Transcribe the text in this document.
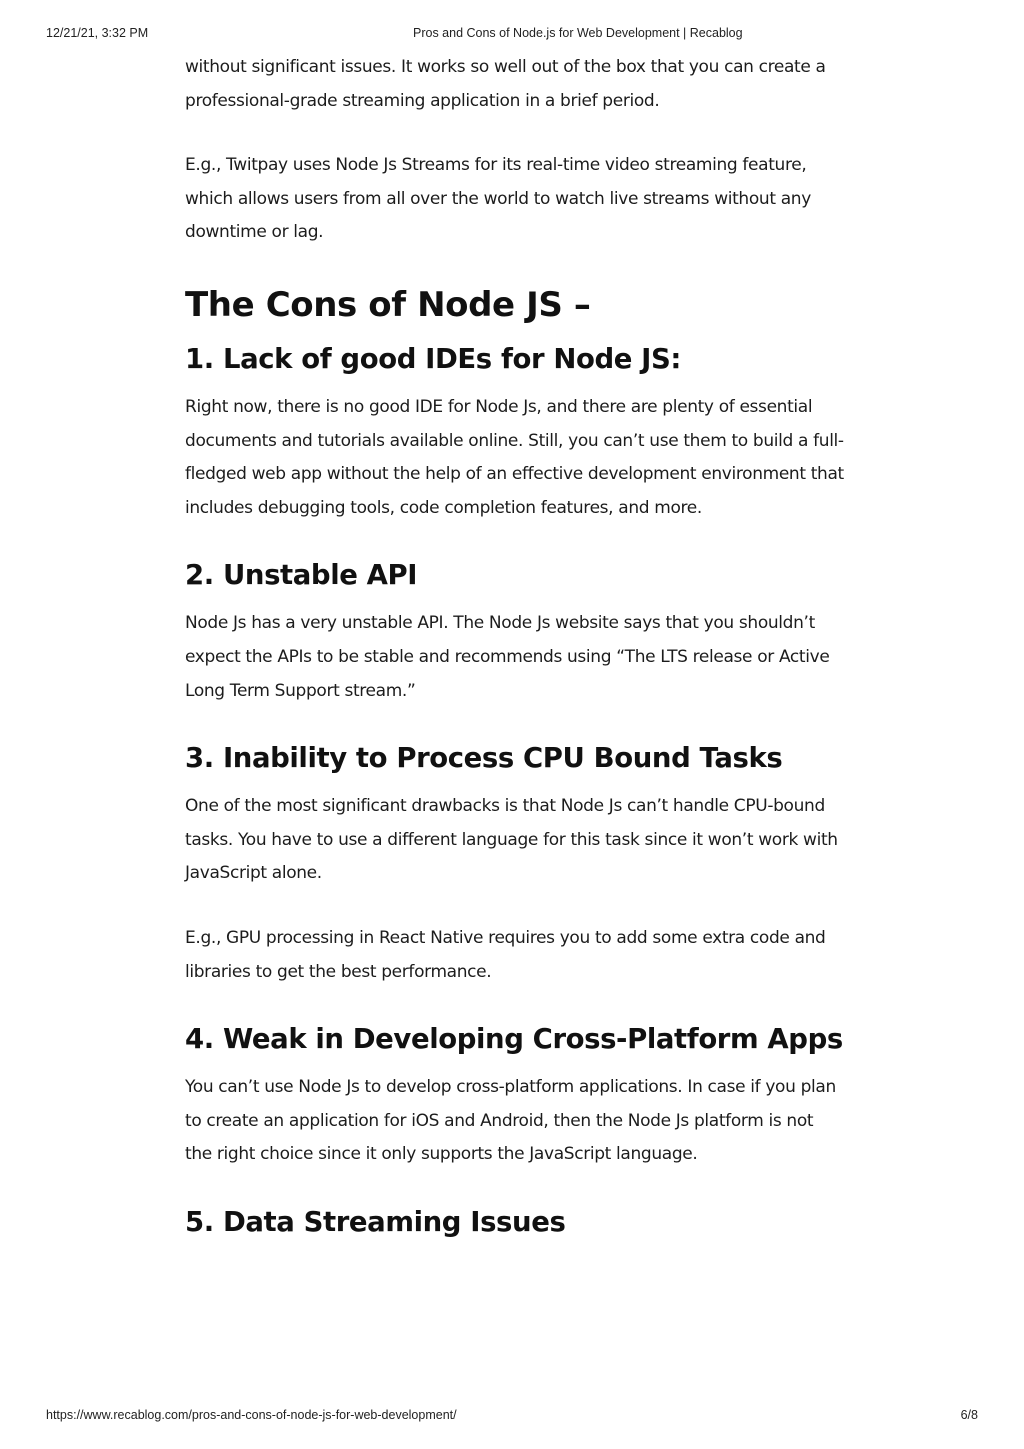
12/21/21, 3:32 PM	Pros and Cons of Node.js for Web Development | Recablog

without significant issues. It works so well out of the box that you can create a professional-grade streaming application in a brief period.

E.g., Twitpay uses Node Js Streams for its real-time video streaming feature, which allows users from all over the world to watch live streams without any downtime or lag.

The Cons of Node JS –
1. Lack of good IDEs for Node JS:

Right now, there is no good IDE for Node Js, and there are plenty of essential documents and tutorials available online. Still, you can’t use them to build a full-fledged web app without the help of an effective development environment that includes debugging tools, code completion features, and more.

2. Unstable API

Node Js has a very unstable API. The Node Js website says that you shouldn’t expect the APIs to be stable and recommends using “The LTS release or Active Long Term Support stream.”

3. Inability to Process CPU Bound Tasks

One of the most significant drawbacks is that Node Js can’t handle CPU-bound tasks. You have to use a different language for this task since it won’t work with JavaScript alone.

E.g., GPU processing in React Native requires you to add some extra code and libraries to get the best performance.

4. Weak in Developing Cross-Platform Apps

You can’t use Node Js to develop cross-platform applications. In case if you plan to create an application for iOS and Android, then the Node Js platform is not the right choice since it only supports the JavaScript language.

5. Data Streaming Issues
https://www.recablog.com/pros-and-cons-of-node-js-for-web-development/	6/8
